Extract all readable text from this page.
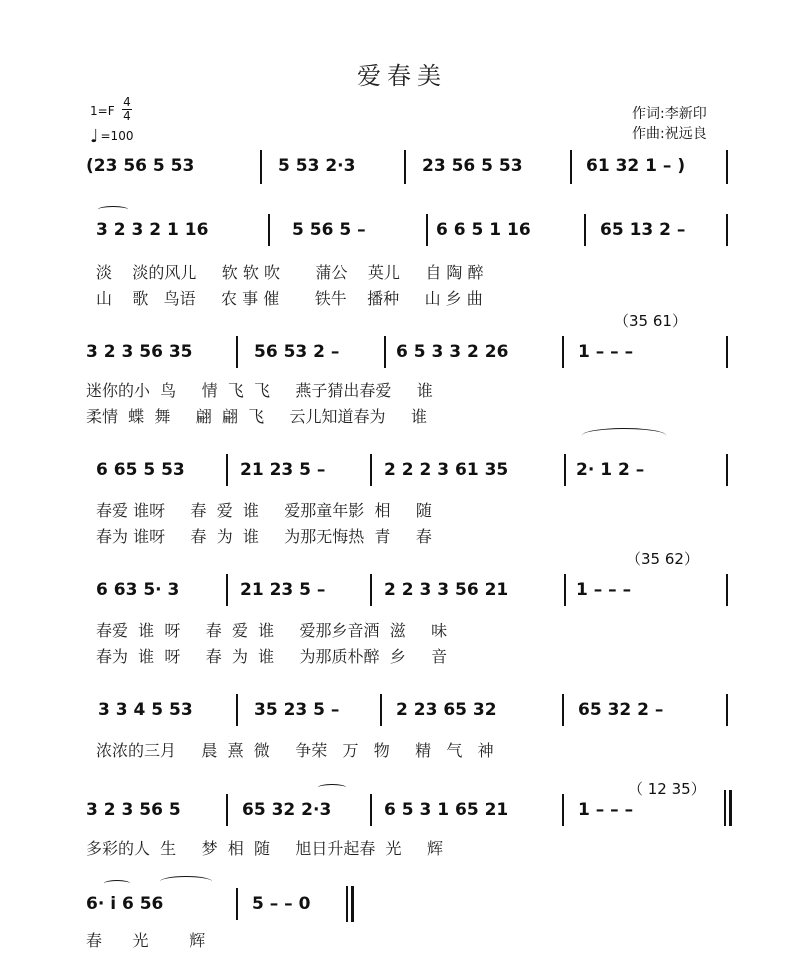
爱春美
1=F
4
4
♩ =100
作词:李新印
作曲:祝远良
(23 56 5 53	5 53 2·3	23 56 5 53	61 32 1 – )
3 2 3 2 1 16	5 56 5 –	6 6 5 1 16	65 13 2 –
淡    淡的风儿     软 软 吹       蒲公    英儿     自 陶 醉
山    歌   鸟语     农 事 催       铁牛    播种     山 乡 曲
（35 61）
3 2 3 56 35	56 53 2 –	6 5 3 3 2 26	1 – – –
迷你的小  鸟     情  飞  飞     燕子猜出春爱     谁
柔情  蝶  舞     翩  翩  飞     云儿知道春为     谁
6 65 5 53	21 23 5 –	2 2 2 3 61 35	2· 1 2 –
春爱 谁呀     春  爱  谁     爱那童年影  相     随
春为 谁呀     春  为  谁     为那无悔热  青     春
（35 62）
6 63 5· 3	21 23 5 –	2 2 3 3 56 21	1 – – –
春爱  谁  呀     春  爱  谁     爱那乡音酒  滋     味
春为  谁  呀     春  为  谁     为那质朴醉  乡     音
3 3 4 5 53	35 23 5 –	2 23 65 32	65 32 2 –
浓浓的三月     晨  熹  微     争荣   万   物     精   气   神
（ 12 35）
3 2 3 56 5	65 32 2·3	6 5 3 1 65 21	1 – – –
多彩的人  生     梦  相  随     旭日升起春  光     辉
6· i 6 56	5 – – 0
春      光        辉
